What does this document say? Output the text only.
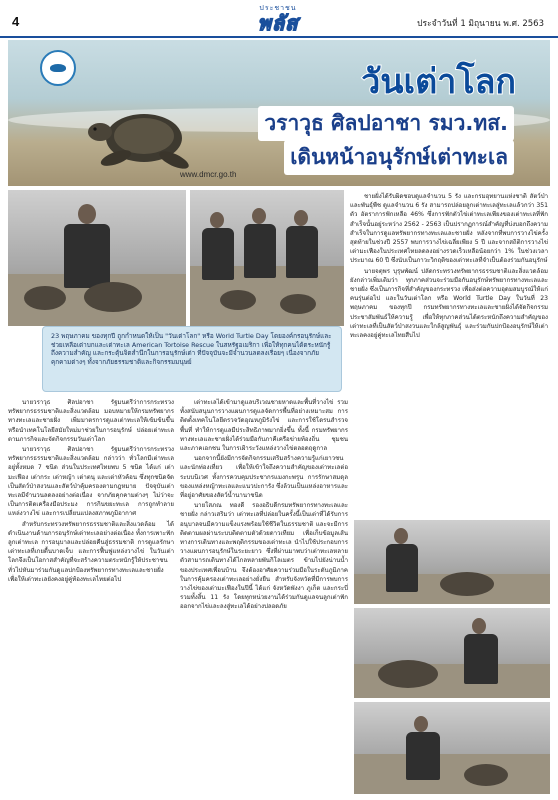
4
ประชาชน
พลัส	ประจำวันที่ 1 มิถุนายน พ.ศ. 2563
วันเต่าโลก
วราวุธ ศิลปอาชา รมว.ทส.
เดินหน้าอนุรักษ์เต่าทะเล
www.dmcr.go.th
23 พฤษภาคม ของทุกปี ถูกกำหนดให้เป็น "วันเต่าโลก" หรือ World Turtle Day โดยองค์กรอนุรักษ์และช่วยเหลือเต่าบกและเต่าทะเล American Tortoise Rescue ในสหรัฐอเมริกา เพื่อให้ทุกคนได้ตระหนักรู้ถึงความสำคัญ และกระตุ้นจิตสำนึกในการอนุรักษ์เต่า ที่ปัจจุบันจะมีจำนวนลดลงเรื่อยๆ เนื่องจากภัยคุกคามต่างๆ ทั้งจากภัยธรรมชาติและกิจกรรมมนุษย์

ชายฝั่งได้รับผิดชอบดูแลจำนวน 5 รัง และกรมอุทยานแห่งชาติ สัตว์ป่า และพันธุ์พืช ดูแลจำนวน 6 รัง สามารถปล่อยลูกเต่าทะเลสู่ทะเลแล้วกว่า 351 ตัว อัตราการฟักเหลือ 46% ซึ่งการฟักตัวไข่เต่าทะเลเพียงของเต่าทะเลที่ฟักสำเร็จนั้นอยู่ระหว่าง 2562 - 2563 เป็นปรากฏการณ์สำคัญที่บ่งบอกถึงความสำเร็จในการดูแลทรัพยากรทางทะเลและชายฝั่ง หลังจากที่พบการวางไข่ครั้งสุดท้ายในช่วงปี 2557 พบการวางไข่เฉลี่ยเพียง 5 ปี และจากสถิติการวางไข่เต่ามะเฟืองในประเทศไทยลดลงอย่างรวดเร็วเหลือน้อยกว่า 1% ในช่วงเวลาประมาณ 60 ปี ซึ่งนับเป็นภาวะวิกฤติของเต่าทะเลที่จำเป็นต้องร่วมกันอนุรักษ์

นายจตุพร บุรุษพัฒน์ ปลัดกระทรวงทรัพยากรธรรมชาติและสิ่งแวดล้อม ยังกล่าวเพิ่มเติมว่า ทุกภาคส่วนจะร่วมมือกันอนุรักษ์ทรัพยากรทางทะเลและชายฝั่ง ซึ่งเป็นภารกิจที่สำคัญของกระทรวง เพื่อส่งต่อความอุดมสมบูรณ์ให้แก่คนรุ่นต่อไป และในวันเต่าโลก หรือ World Turtle Day ในวันที่ 23 พฤษภาคม ของทุกปี กรมทรัพยากรทางทะเลและชายฝั่งได้จัดกิจกรรมประชาสัมพันธ์ให้ความรู้ เพื่อให้ทุกภาคส่วนได้ตระหนักถึงความสำคัญของเต่าทะเลที่เป็นสัตว์ป่าสงวนและใกล้สูญพันธุ์ และร่วมกันปกป้องอนุรักษ์ให้เต่าทะเลคงอยู่คู่ทะเลไทยสืบไป

นายวราวุธ ศิลปอาชา รัฐมนตรีว่าการกระทรวงทรัพยากรธรรมชาติและสิ่งแวดล้อม มอบหมายให้กรมทรัพยากรทางทะเลและชายฝั่ง เพิ่มมาตรการดูแลเต่าทะเลให้เข้มข้นขึ้น หรือนำเทคโนโลยีสมัยใหม่มาช่วยในการอนุรักษ์ ปล่อยเต่าทะเลตามภารกิจและจัดกิจกรรมวันเต่าโลก

นายวราวุธ ศิลปอาชา รัฐมนตรีว่าการกระทรวงทรัพยากรธรรมชาติและสิ่งแวดล้อม กล่าวว่า ทั่วโลกมีเต่าทะเลอยู่ทั้งหมด 7 ชนิด ส่วนในประเทศไทยพบ 5 ชนิด ได้แก่ เต่ามะเฟือง เต่ากระ เต่าหญ้า เต่าตนุ และเต่าหัวค้อน ซึ่งทุกชนิดจัดเป็นสัตว์ป่าสงวนและสัตว์ป่าคุ้มครองตามกฎหมาย ปัจจุบันเต่าทะเลมีจำนวนลดลงอย่างต่อเนื่อง จากภัยคุกคามต่างๆ ไม่ว่าจะเป็นการติดเครื่องมือประมง การกินขยะทะเล การถูกทำลายแหล่งวางไข่ และการเปลี่ยนแปลงสภาพภูมิอากาศ

สำหรับกระทรวงทรัพยากรธรรมชาติและสิ่งแวดล้อม ได้ดำเนินงานด้านการอนุรักษ์เต่าทะเลอย่างต่อเนื่อง ทั้งการเพาะฟักลูกเต่าทะเล การอนุบาลและปล่อยคืนสู่ธรรมชาติ การดูแลรักษาเต่าทะเลที่เกยตื้นบาดเจ็บ และการฟื้นฟูแหล่งวางไข่ ในวันเต่าโลกจึงเป็นโอกาสสำคัญที่จะสร้างความตระหนักรู้ให้ประชาชนทั่วไปหันมาร่วมกันดูแลปกป้องทรัพยากรทางทะเลและชายฝั่ง เพื่อให้เต่าทะเลยังคงอยู่คู่ท้องทะเลไทยต่อไป

เต่าทะเลได้เข้ามาดูแลบริเวณชายหาดและพื้นที่วางไข่ รวมทั้งสนับสนุนการวางแผนการดูแลจัดการพื้นที่อย่างเหมาะสม การติดตั้งเทคโนโลยีตรวจวัดอุณหภูมิรังไข่ และการใช้โดรนสำรวจพื้นที่ ทำให้การดูแลมีประสิทธิภาพมากยิ่งขึ้น ทั้งนี้ กรมทรัพยากรทางทะเลและชายฝั่งได้ร่วมมือกับภาคีเครือข่ายท้องถิ่น ชุมชน และภาคเอกชน ในการเฝ้าระวังแหล่งวางไข่ตลอดฤดูกาล

นอกจากนี้ยังมีการจัดกิจกรรมเสริมสร้างความรู้แก่เยาวชนและนักท่องเที่ยว เพื่อให้เข้าใจถึงความสำคัญของเต่าทะเลต่อระบบนิเวศ ทั้งการควบคุมประชากรแมงกะพรุน การรักษาสมดุลของแหล่งหญ้าทะเลและแนวปะการัง ซึ่งล้วนเป็นแหล่งอาหารและที่อยู่อาศัยของสัตว์น้ำนานาชนิด

นายโสภณ ทองดี รองอธิบดีกรมทรัพยากรทางทะเลและชายฝั่ง กล่าวเสริมว่า เต่าทะเลที่ปล่อยในครั้งนี้เป็นเต่าที่ได้รับการอนุบาลจนมีความแข็งแรงพร้อมใช้ชีวิตในธรรมชาติ และจะมีการติดตามผลผ่านระบบติดตามตัวด้วยดาวเทียม เพื่อเก็บข้อมูลเส้นทางการเดินทางและพฤติกรรมของเต่าทะเล นำไปใช้ประกอบการวางแผนการอนุรักษ์ในระยะยาว ซึ่งที่ผ่านมาพบว่าเต่าทะเลหลายตัวสามารถเดินทางได้ไกลหลายพันกิโลเมตร ข้ามไปยังน่านน้ำของประเทศเพื่อนบ้าน จึงต้องอาศัยความร่วมมือในระดับภูมิภาคในการคุ้มครองเต่าทะเลอย่างยั่งยืน สำหรับจังหวัดที่มีการพบการวางไข่ของเต่ามะเฟืองในปีนี้ ได้แก่ จังหวัดพังงา ภูเก็ต และกระบี่ รวมทั้งสิ้น 11 รัง โดยทุกหน่วยงานได้ร่วมกันดูแลจนลูกเต่าฟักออกจากไข่และลงสู่ทะเลได้อย่างปลอดภัย
